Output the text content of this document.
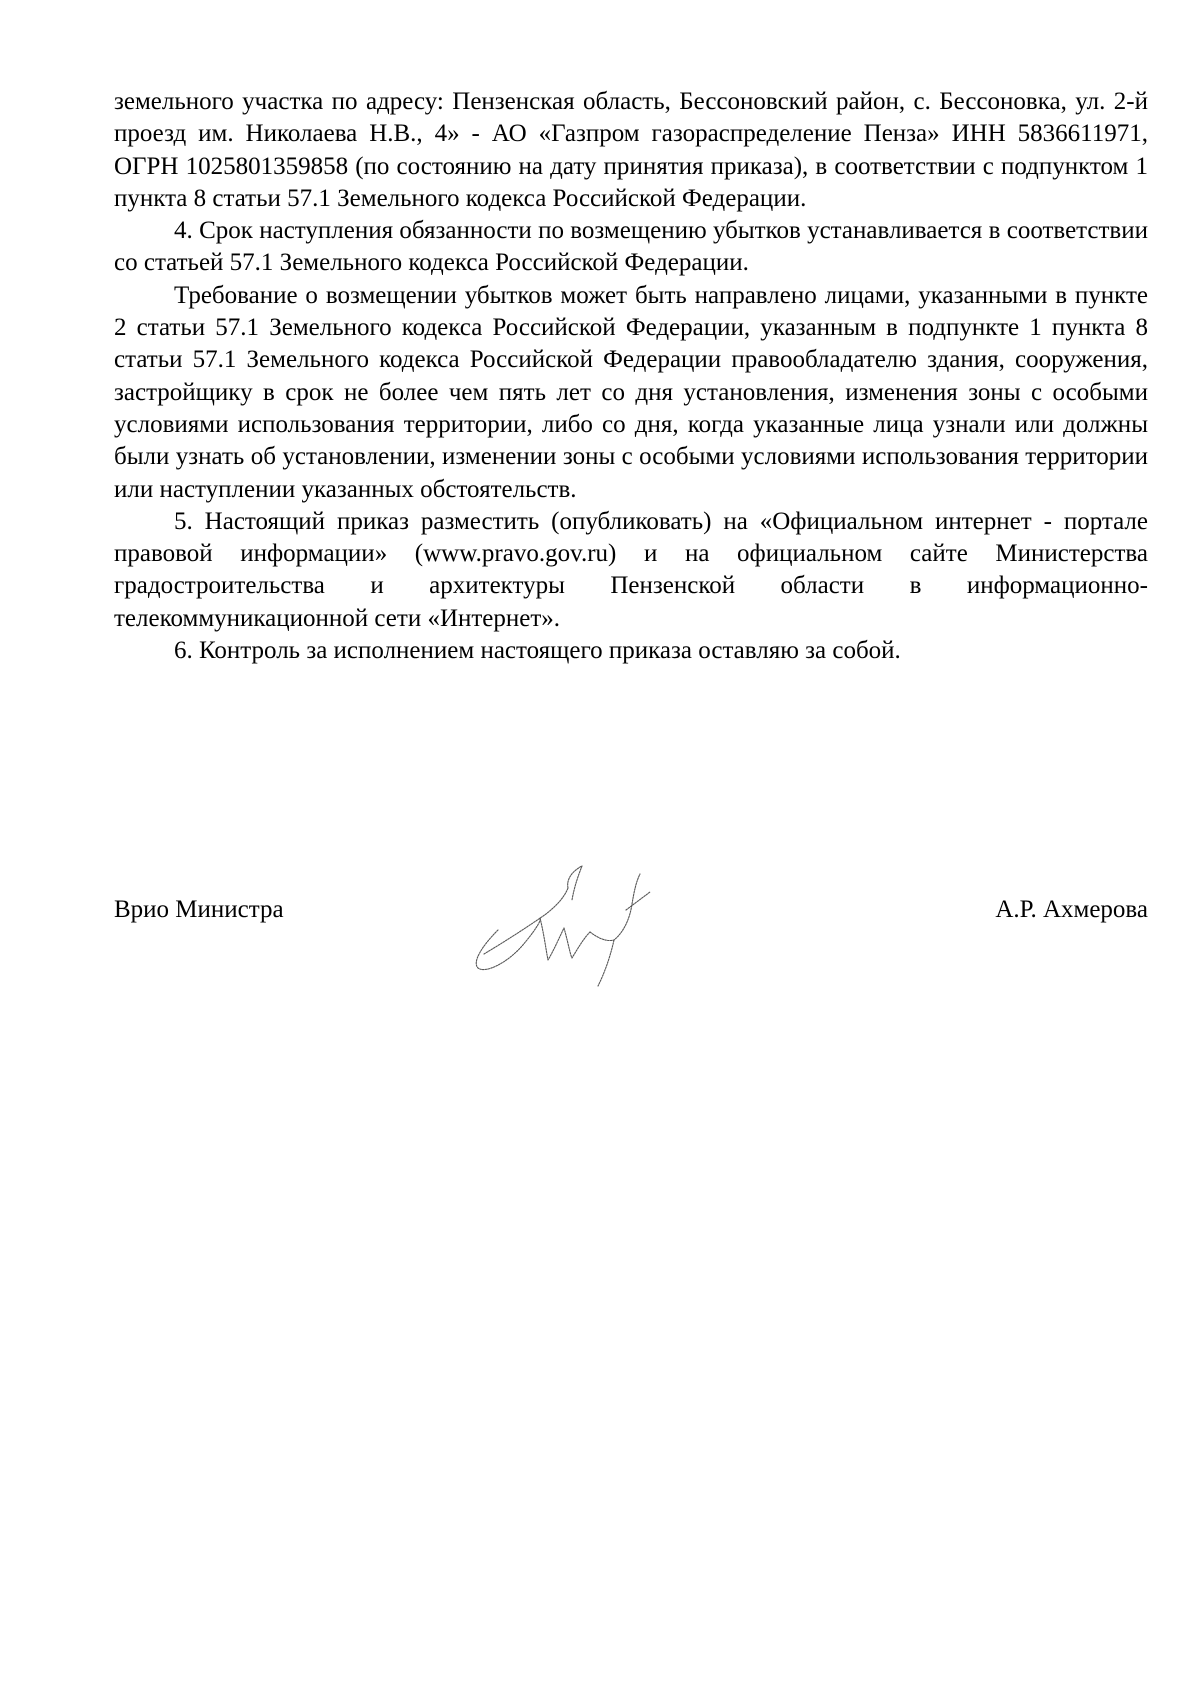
земельного участка по адресу: Пензенская область, Бессоновский район, с. Бессоновка, ул. 2-й проезд им. Николаева Н.В., 4» - АО «Газпром газораспределение Пенза» ИНН 5836611971, ОГРН 1025801359858 (по состоянию на дату принятия приказа), в соответствии с подпунктом 1 пункта 8 статьи 57.1 Земельного кодекса Российской Федерации.

4. Срок наступления обязанности по возмещению убытков устанавливается в соответствии со статьей 57.1 Земельного кодекса Российской Федерации.

Требование о возмещении убытков может быть направлено лицами, указанными в пункте 2 статьи 57.1 Земельного кодекса Российской Федерации, указанным в подпункте 1 пункта 8 статьи 57.1 Земельного кодекса Российской Федерации правообладателю здания, сооружения, застройщику в срок не более чем пять лет со дня установления, изменения зоны с особыми условиями использования территории, либо со дня, когда указанные лица узнали или должны были узнать об установлении, изменении зоны с особыми условиями использования территории или наступлении указанных обстоятельств.

5. Настоящий приказ разместить (опубликовать) на «Официальном интернет - портале правовой информации» (www.pravo.gov.ru) и на официальном сайте Министерства градостроительства и архитектуры Пензенской области в информационно-телекоммуникационной сети «Интернет».

6. Контроль за исполнением настоящего приказа оставляю за собой.

Врио Министра	А.Р. Ахмерова
